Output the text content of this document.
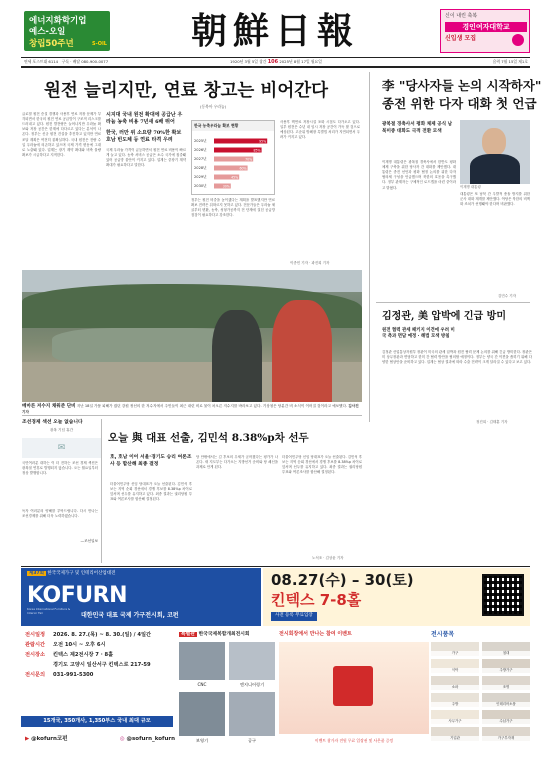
에너지화학기업
예스-오일
창립50주년	S-OIL 朝鮮日報	신이 내린 축복
경인여자대학교
신입생 모집
연세 포스트대 6114 구독 · 배달 080-900-0077	1920년 3월 5일 창간 106 2025년 8월 17일 월요일	음력 7월 15일 제1호
원전 늘리지만, 연료 창고는 비어간다
(동북아 우라늄)
글로벌 원전 증설 경쟁과 사용후 연료 저장 문제가 부각되면서 한국의 원전 연료 공급망이 구조적 리스크를 드러내고 있다. 원전 발전량은 늘어나지만 우라늄 확보와 저장 공간은 한계에 다다르고 있다는 분석이 나온다. 정부는 신규 원전 건설을 추진하고 있지만 연료 조달 계획은 여전히 불확실하다. 국내 원전은 전량 수입 우라늄에 의존하고 있으며 국제 가격 변동에 그대로 노출돼 있다. 업계는 장기 계약 확대와 비축 물량 확보가 시급하다고 지적한다.
시지대 국내 원전 확대에 공급난 우라늄 농축 비용 7년새 6배 뛰어
한국, 러만 위 소요량 70%한 확보 호남 빈도체 등 연료 타격 우려
국제 우라늄 가격이 급등하면서 원전 연료 비용이 빠르게 늘고 있다. 농축 서비스 공급은 소수 국가에 집중돼 있어 공급망 불안이 커지고 있다. 업계는 중장기 계약 확대가 필요하다고 말한다.
한국 농축우라늄 확보 현황
2025년	95%
2026년	85%
2027년	70%
2028년	60%
2029년	45%
2030년	30%
정부는 원전 비중을 높이겠다는 계획을 발표했지만 연료 확보 전략은 뒤따르지 못하고 있다. 전문가들은 우라늄 채굴부터 변환, 농축, 성형가공까지 전 단계에 걸친 공급망 점검이 필요하다고 강조한다.
사용후 핵연료 저장시설 포화 시점도 다가오고 있다. 일부 원전은 수년 내 임시 저장 공간이 가득 찰 것으로 예상된다. 고준위 방폐장 특별법 처리가 지연되면서 우려가 커지고 있다.
이종민 기자 · 곽진희 기자
메마른 저수지 채워준 단비 지난 18일 가뭄 피해가 컸던 강원 정선의 한 저수지에서 주민들이 최근 내린 비로 물이 차오른 저수지를 바라보고 있다. 기상청은 당분간 비 소식이 이어질 것이라고 예보했다. 김사진 기자
李 "당사자들 논의 시작하자"
종전 위한 다자 대화 첫 언급
광복절 경축사서 평화 체제 공식 남북미중 대화도 극적 전환 모색
이재명 대통령
이재명 대통령은 광복절 경축사에서 한반도 평화 체제 구축을 위한 당사자 간 대화를 제안했다. 대통령은 종전 선언과 평화 협정 논의를 위한 다자 협의체 구성을 언급했으며 북한의 호응을 촉구했다. 정부 관계자는 구체적인 로드맵을 마련 중이라고 밝혔다.
대통령은 또 남북 간 우발적 충돌 방지를 위한 군사 대화 재개를 제안했다. 야당은 북한의 비핵화 조치가 선행돼야 한다며 비판했다.
김민수 기자
김정관, 美 압박에 긴급 방미
원전 협력 관세 패키지 이견에 우려 미국 측과 면담 예정 · 해법 모색 방침
김정관 산업통상자원부 장관이 미국의 관세 압박과 원전 협력 문제 논의를 위해 긴급 방미한다. 장관은 미 상무장관과 면담하고 한미 간 협력 방안을 협의할 예정이다. 정부는 양국 간 이견을 좁히기 위해 다양한 협상안을 준비하고 있다. 업계는 협상 결과에 따라 수출 전략이 크게 달라질 수 있다고 보고 있다.
정진희 · 김태훈 기자
조선경제 섹션 오늘 없습니다
광복 기념 휴간
✉
국민여러분 대하는 이 더 전하는 조선 경제 섹션은 광복절 연휴로 발행되지 않습니다. 오는 월요일부터 정상 발행합니다.
독자 여러분의 양해를 부탁드립니다. 다시 만나는 조선경제를 위해 더욱 노력하겠습니다.
—조선일보
오늘 與 대표 선출, 김민석 8.38%p차 선두
호, 호남 이어 서울·경기도 승리 여론조사 등 합산해 최종 결정
더불어민주당 신임 당대표가 오늘 선출된다. 김민석 후보는 지역 순회 경선에서 경쟁 후보를 8.38%p 차이로 앞서며 선두를 유지하고 있다. 최종 결과는 권리당원 투표와 여론조사를 합산해 결정된다.
당 안팎에서는 김 후보의 우세가 굳어졌다는 평가가 나온다. 새 지도부는 다가오는 지방선거 준비와 당 쇄신을 과제로 안게 된다.
더불어민주당 신임 당대표가 오늘 선출된다. 김민석 후보는 지역 순회 경선에서 경쟁 후보를 8.38%p 차이로 앞서며 선두를 유지하고 있다. 최종 결과는 권리당원 투표와 여론조사를 합산해 결정된다.
노석조 · 김상윤 기자
제37회 한국국제가구 및 인테리어산업대전
KOFURN
Korea International Furniture & Interior Fair	대한민국 대표 국제 가구전시회, 코펀
08.27(수) – 30(토)
킨텍스 7-8홀
사전 등록 무료입장
전시일정	2026. 8. 27.(목) ~ 8. 30.(일) / 4일간
관람시간	오전 10시 ~ 오후 6시
전시장소	킨텍스 제2전시장 7 · 8홀
경기도 고양시 일산서구 킨텍스로 217-59
전시문의	031-991-5300
15개국, 350개사, 1,350부스 국내 최대 규모
▶ @kofurn코펀	◎ @sofurn_kofurn
특별관 한국국제복합개최전시회
CNC	엔지니어링기
보영기	공구
전시회장에서 만나는 참여 이벤트
이벤트 참가자 전원 무료 입장권 및 사은품 증정
전시품목
가구	침대
식탁	주방가구
소파	조명
주방	인테리어소품
사무가구	수납가구
기업관	가구부자재
